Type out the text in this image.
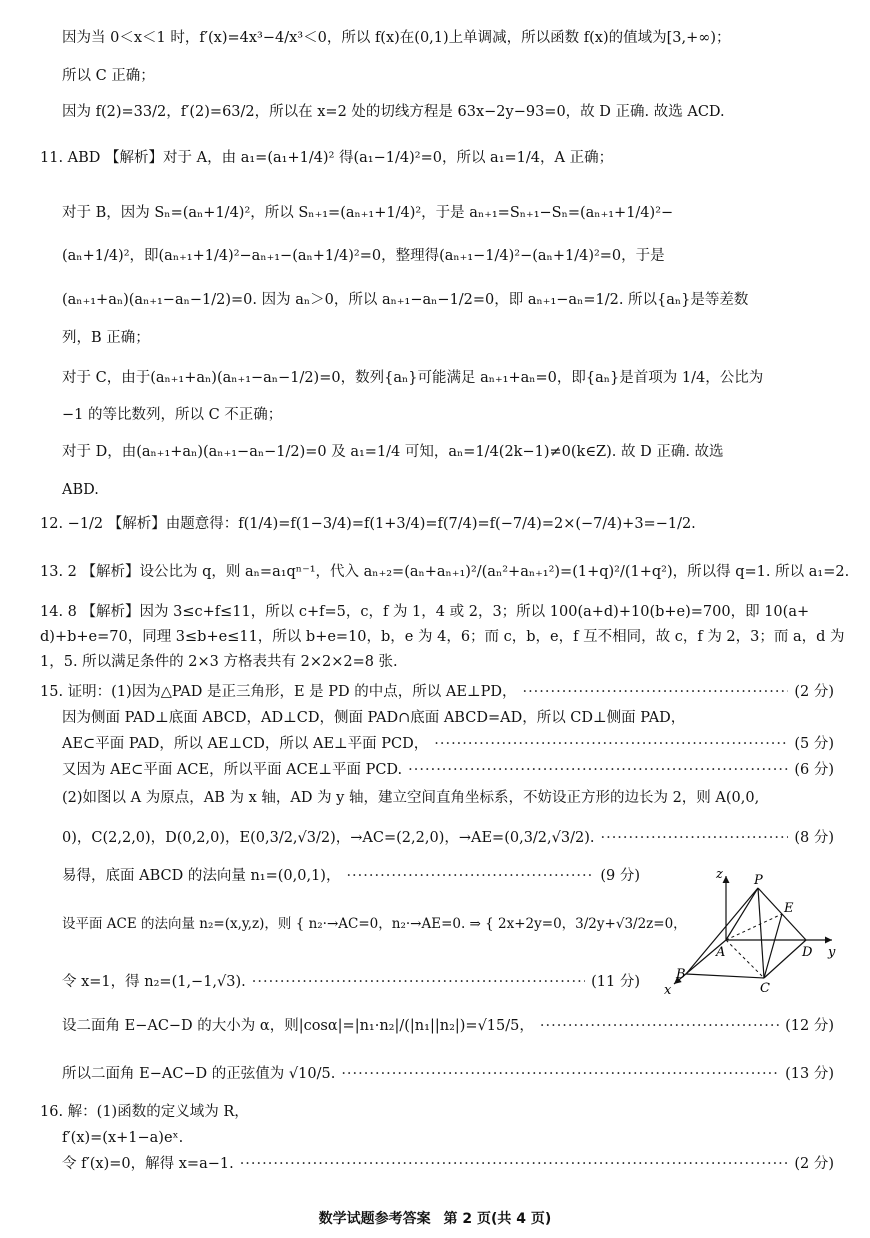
因为当 0＜x＜1 时，f′(x)=4x³−4/x³＜0，所以 f(x)在(0,1)上单调减，所以函数 f(x)的值域为[3,+∞)；
所以 C 正确；
因为 f(2)=33/2，f′(2)=63/2，所以在 x=2 处的切线方程是 63x−2y−93=0，故 D 正确. 故选 ACD.
11. ABD 【解析】对于 A，由 a₁=(a₁+1/4)² 得(a₁−1/4)²=0，所以 a₁=1/4，A 正确；
对于 B，因为 Sₙ=(aₙ+1/4)²，所以 Sₙ₊₁=(aₙ₊₁+1/4)²，于是 aₙ₊₁=Sₙ₊₁−Sₙ=(aₙ₊₁+1/4)²−
(aₙ+1/4)²，即(aₙ₊₁+1/4)²−aₙ₊₁−(aₙ+1/4)²=0，整理得(aₙ₊₁−1/4)²−(aₙ+1/4)²=0，于是
(aₙ₊₁+aₙ)(aₙ₊₁−aₙ−1/2)=0. 因为 aₙ＞0，所以 aₙ₊₁−aₙ−1/2=0，即 aₙ₊₁−aₙ=1/2. 所以{aₙ}是等差数
列，B 正确；
对于 C，由于(aₙ₊₁+aₙ)(aₙ₊₁−aₙ−1/2)=0，数列{aₙ}可能满足 aₙ₊₁+aₙ=0，即{aₙ}是首项为 1/4，公比为
−1 的等比数列，所以 C 不正确；
对于 D，由(aₙ₊₁+aₙ)(aₙ₊₁−aₙ−1/2)=0 及 a₁=1/4 可知，aₙ=1/4(2k−1)≠0(k∈Z). 故 D 正确. 故选
ABD.
12. −1/2 【解析】由题意得：f(1/4)=f(1−3/4)=f(1+3/4)=f(7/4)=f(−7/4)=2×(−7/4)+3=−1/2.
13. 2 【解析】设公比为 q，则 aₙ=a₁qⁿ⁻¹，代入 aₙ₊₂=(aₙ+aₙ₊₁)²/(aₙ²+aₙ₊₁²)=(1+q)²/(1+q²)，所以得 q=1. 所以 a₁=2.
14. 8 【解析】因为 3≤c+f≤11，所以 c+f=5，c，f 为 1，4 或 2，3；所以 100(a+d)+10(b+e)=700，即 10(a+
d)+b+e=70，同理 3≤b+e≤11，所以 b+e=10，b，e 为 4，6；而 c，b，e，f 互不相同，故 c，f 为 2，3；而 a，d 为
1，5. 所以满足条件的 2×3 方格表共有 2×2×2=8 张.
15. 证明：(1)因为△PAD 是正三角形，E 是 PD 的中点，所以 AE⊥PD， ·····	(2 分)
因为侧面 PAD⊥底面 ABCD，AD⊥CD，侧面 PAD∩底面 ABCD=AD，所以 CD⊥侧面 PAD，
AE⊂平面 PAD，所以 AE⊥CD，所以 AE⊥平面 PCD， ·····	(5 分)
又因为 AE⊂平面 ACE，所以平面 ACE⊥平面 PCD. ·····	(6 分)
(2)如图以 A 为原点，AB 为 x 轴，AD 为 y 轴，建立空间直角坐标系，不妨设正方形的边长为 2，则 A(0,0,
0)，C(2,2,0)，D(0,2,0)，E(0,3/2,√3/2)，→AC=(2,2,0)，→AE=(0,3/2,√3/2). ·····	(8 分)
易得，底面 ABCD 的法向量 n₁=(0,0,1)， ·····	(9 分)
设平面 ACE 的法向量 n₂=(x,y,z)，则 { n₂·→AC=0，n₂·→AE=0. ⇒ { 2x+2y=0，3/2y+√3/2z=0，
令 x=1，得 n₂=(1,−1,√3). ·····	(11 分)
设二面角 E−AC−D 的大小为 α，则|cosα|=|n₁·n₂|/(|n₁||n₂|)=√15/5， ·····	(12 分)
所以二面角 E−AC−D 的正弦值为 √10/5. ·····	(13 分)
16. 解：(1)函数的定义域为 R，
f′(x)=(x+1−a)eˣ.
令 f′(x)=0，解得 x=a−1. ·····	(2 分)
z
y
x
P
E
A
B
C
D
数学试题参考答案 第 2 页(共 4 页)
